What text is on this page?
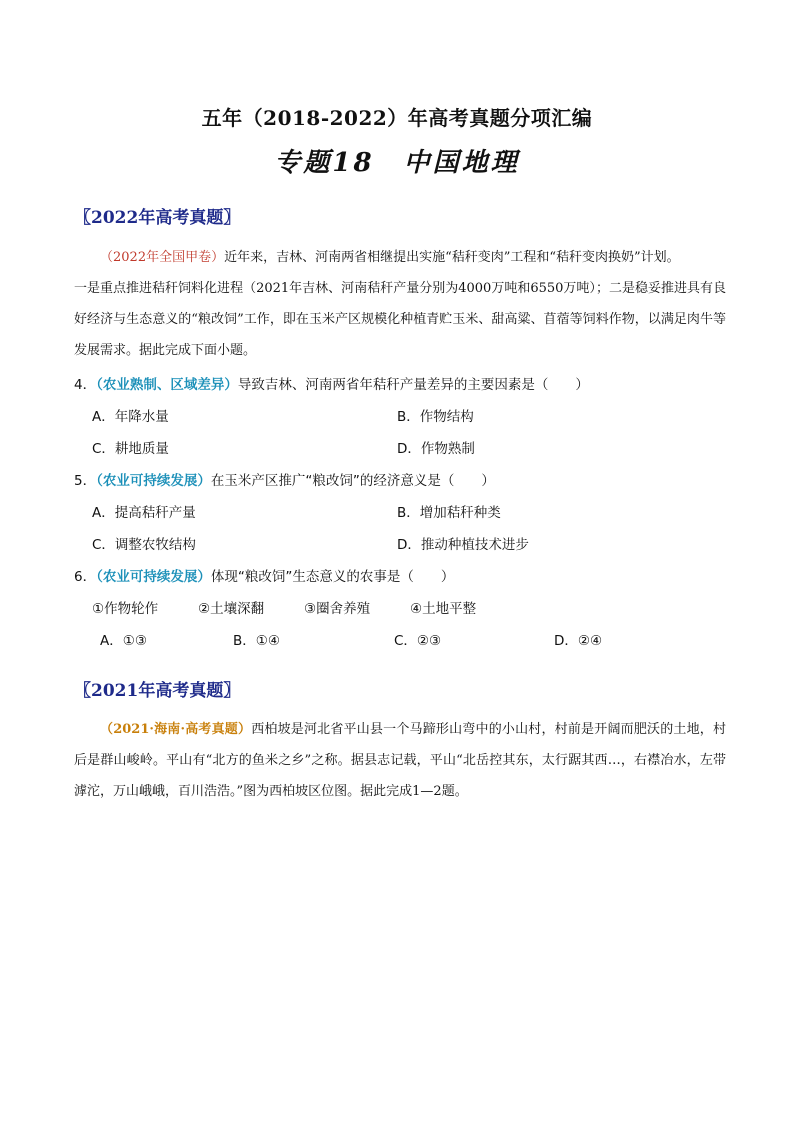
五年（2018-2022）年高考真题分项汇编
专题18　中国地理
〖2022年高考真题〗
（2022年全国甲卷）近年来，吉林、河南两省相继提出实施“秸秆变肉”工程和“秸秆变肉换奶”计划。
一是重点推进秸秆饲料化进程（2021年吉林、河南秸秆产量分别为4000万吨和6550万吨）；二是稳妥推进具有良好经济与生态意义的“粮改饲”工作，即在玉米产区规模化种植青贮玉米、甜高粱、苜蓿等饲料作物，以满足肉牛等发展需求。据此完成下面小题。
4．（农业熟制、区域差异）导致吉林、河南两省年秸秆产量差异的主要因素是（　　）
A．年降水量	B．作物结构
C．耕地质量	D．作物熟制
5．（农业可持续发展）在玉米产区推广“粮改饲”的经济意义是（　　）
A．提高秸秆产量	B．增加秸秆种类
C．调整农牧结构	D．推动种植技术进步
6．（农业可持续发展）体现“粮改饲”生态意义的农事是（　　）
①作物轮作	②土壤深翻	③圈舍养殖	④土地平整
A．①③	B．①④	C．②③	D．②④
〖2021年高考真题〗
（2021·海南·高考真题）西柏坡是河北省平山县一个马蹄形山弯中的小山村，村前是开阔而肥沃的土地，村后是群山峻岭。平山有“北方的鱼米之乡”之称。据县志记载，平山“北岳控其东，太行踞其西…，右襟冶水，左带滹沱，万山峨峨，百川浩浩。”图为西柏坡区位图。据此完成1—2题。
